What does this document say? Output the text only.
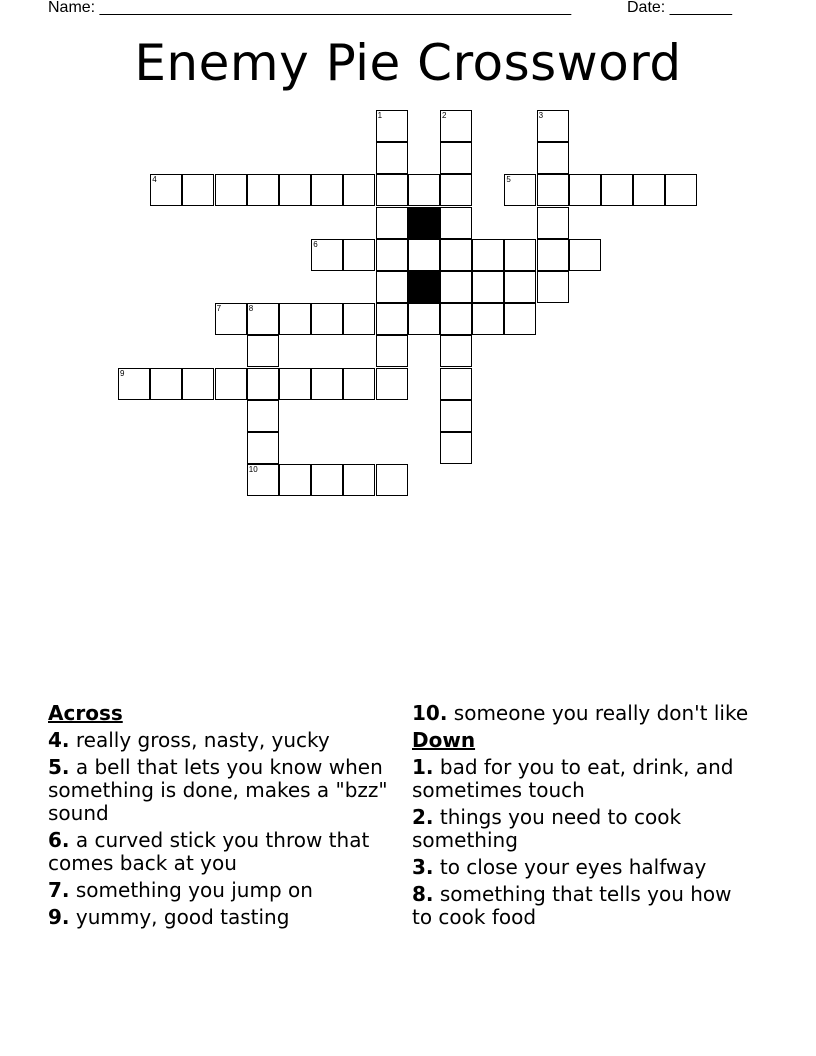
Name: _____________________________________________________	Date: _______
Enemy Pie Crossword
1	2	3
4	5
6
7	8
9
10
Across
4. really gross, nasty, yucky
5. a bell that lets you know when something is done, makes a "bzz" sound
6. a curved stick you throw that comes back at you
7. something you jump on
9. yummy, good tasting
10. someone you really don't like
Down
1. bad for you to eat, drink, and sometimes touch
2. things you need to cook something
3. to close your eyes halfway
8. something that tells you how to cook food
